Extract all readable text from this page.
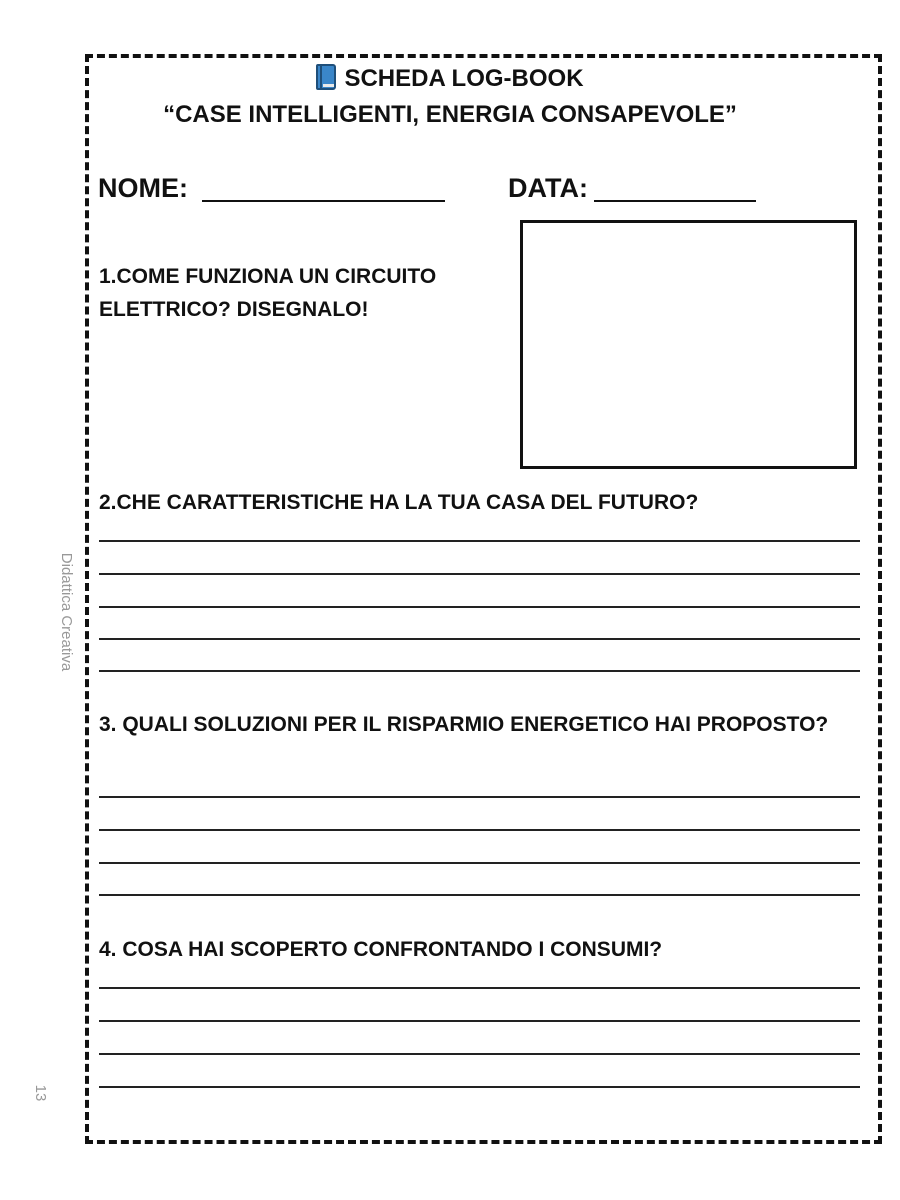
SCHEDA LOG-BOOK
“CASE INTELLIGENTI, ENERGIA CONSAPEVOLE”
NOME:	DATA:
1.COME FUNZIONA UN CIRCUITO ELETTRICO? DISEGNALO!
2.CHE CARATTERISTICHE HA LA TUA CASA DEL FUTURO?
3. QUALI SOLUZIONI PER IL RISPARMIO ENERGETICO HAI PROPOSTO?
4. COSA HAI SCOPERTO CONFRONTANDO I CONSUMI?
Didattica Creativa
13
